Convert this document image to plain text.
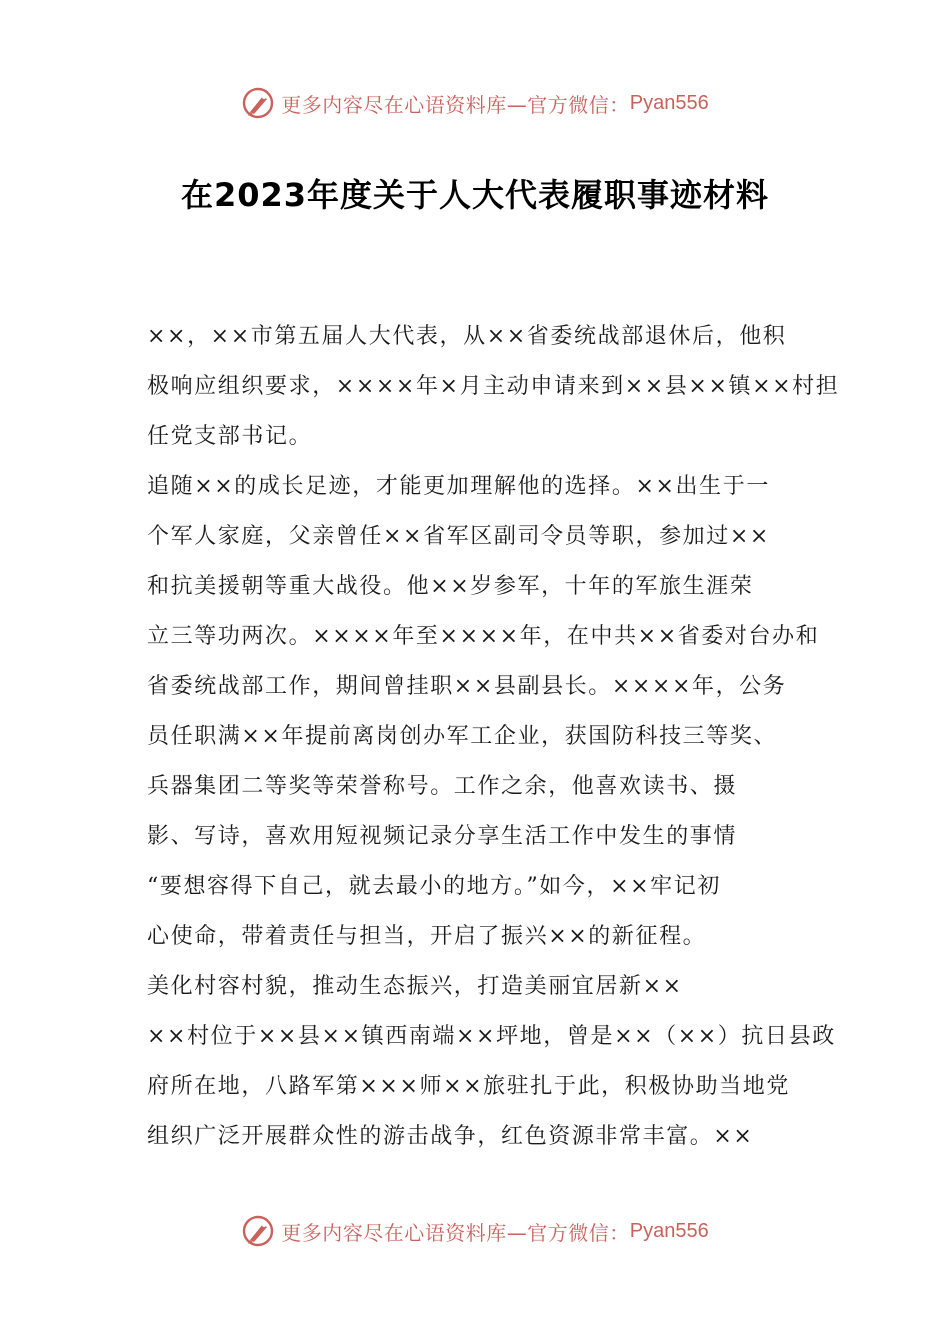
更多内容尽在心语资料库—官方微信： Pyan556
在2023年度关于人大代表履职事迹材料
××，××市第五届人大代表，从××省委统战部退休后，他积
极响应组织要求，××××年×月主动申请来到××县××镇××村担
任党支部书记。
追随××的成长足迹，才能更加理解他的选择。××出生于一
个军人家庭，父亲曾任××省军区副司令员等职，参加过××
和抗美援朝等重大战役。他××岁参军，十年的军旅生涯荣
立三等功两次。××××年至××××年，在中共××省委对台办和
省委统战部工作，期间曾挂职××县副县长。××××年，公务
员任职满××年提前离岗创办军工企业，获国防科技三等奖、
兵器集团二等奖等荣誉称号。工作之余，他喜欢读书、摄
影、写诗，喜欢用短视频记录分享生活工作中发生的事情
“要想容得下自己，就去最小的地方。”如今，××牢记初
心使命，带着责任与担当，开启了振兴××的新征程。
美化村容村貌，推动生态振兴，打造美丽宜居新××
××村位于××县××镇西南端××坪地，曾是××（××）抗日县政
府所在地，八路军第×××师××旅驻扎于此，积极协助当地党
组织广泛开展群众性的游击战争，红色资源非常丰富。××
更多内容尽在心语资料库—官方微信： Pyan556
